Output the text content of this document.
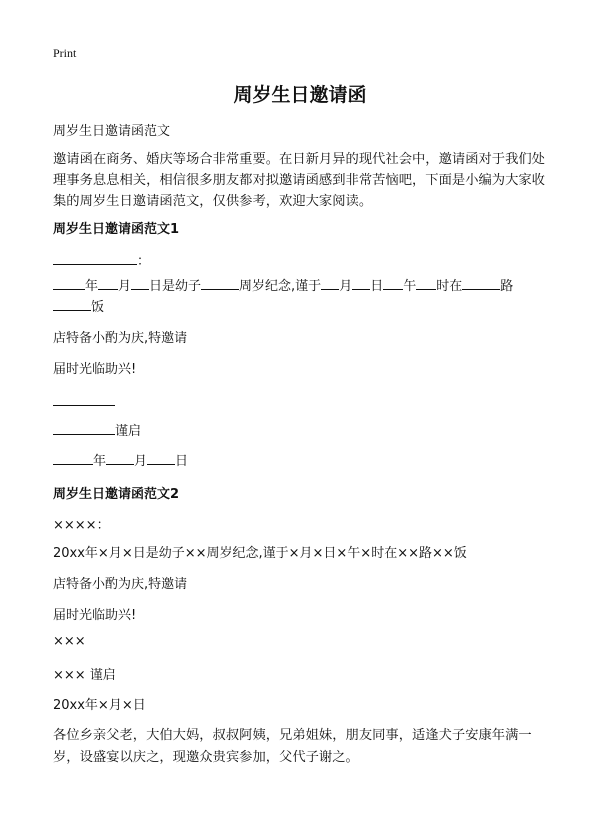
Print
周岁生日邀请函
周岁生日邀请函范文
邀请函在商务、婚庆等场合非常重要。在日新月异的现代社会中，邀请函对于我们处理事务息息相关，相信很多朋友都对拟邀请函感到非常苦恼吧，下面是小编为大家收集的周岁生日邀请函范文，仅供参考，欢迎大家阅读。
周岁生日邀请函范文1
：
年 月 日是幼子	周岁纪念,谨于 月 日 午 时在	路
饭
店特备小酌为庆,特邀请
届时光临助兴!
谨启
年 月 日
周岁生日邀请函范文2
××××：
20xx年×月×日是幼子××周岁纪念,谨于×月×日×午×时在××路××饭
店特备小酌为庆,特邀请
届时光临助兴!
×××
××× 谨启
20xx年×月×日
各位乡亲父老，大伯大妈，叔叔阿姨，兄弟姐妹，朋友同事，适逢犬子安康年满一岁，设盛宴以庆之，现邀众贵宾参加，父代子谢之。
